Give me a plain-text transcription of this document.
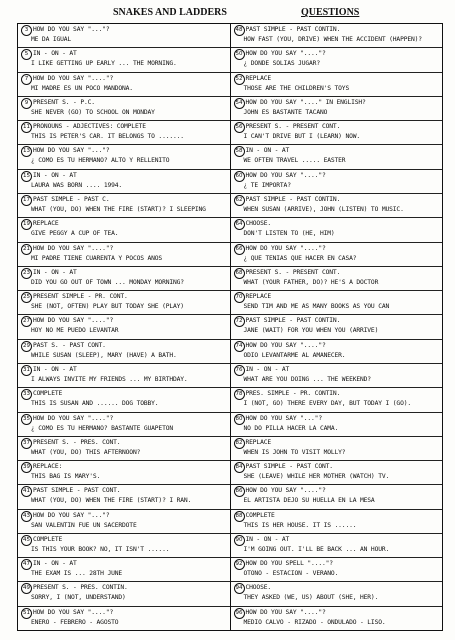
SNAKES AND LADDERS	QUESTIONS
3 HOW DO YOU SAY "..."?
ME DA IGUAL
5 IN - ON - AT
I LIKE GETTING UP EARLY ... THE MORNING.
7 HOW DO YOU SAY "...."?
MI MADRE ES UN POCO MANDONA.
9 PRESENT S. - P.C.
SHE NEVER (GO) TO SCHOOL ON MONDAY
11 PRONOUNS - ADJECTIVES: COMPLETE
THIS IS PETER'S CAR. IT BELONGS TO .......
13 HOW DO YOU SAY "..."?
¿ CÓMO ES TU HERMANO? ALTO Y RELLENITO
15 IN - ON - AT
LAURA WAS BORN .... 1994.
17 PAST SIMPLE - PAST C.
WHAT (YOU, DO) WHEN THE FIRE (START)? I SLEEPING
19 REPLACE
GIVE PEGGY A CUP OF TEA.
21 HOW DO YOU SAY "...."?
MI PADRE TIENE CUARENTA Y POCOS AÑOS
23 IN - ON - AT
DID YOU GO OUT OF TOWN ... MONDAY MORNING?
25 PRESENT SIMPLE - PR. CONT.
SHE (NOT, OFTEN) PLAY BUT TODAY SHE (PLAY)
27 HOW DO YOU SAY "...."?
HOY NO ME PUEDO LEVANTAR
29 PAST S. - PAST CONT.
WHILE SUSAN (SLEEP), MARY (HAVE) A BATH.
31 IN - ON - AT
I ALWAYS INVITE MY FRIENDS ... MY BIRTHDAY.
33 COMPLETE
THIS IS SUSAN AND ...... DOG TOBBY.
35 HOW DO YOU SAY "...."?
¿ CÓMO ES TU HERMANO? BASTANTE GUAPETÓN
37 PRESENT S. - PRES. CONT.
WHAT (YOU, DO) THIS AFTERNOON?
39 REPLACE:
THIS BAG IS MARY'S.
41 PAST SIMPLE - PAST CONT.
WHAT (YOU, DO) WHEN THE FIRE (START)? I RAN.
43 HOW DO YOU SAY "..."?
SAN VALENTÍN FUE UN SACERDOTE
45 COMPLETE
IS THIS YOUR BOOK? NO, IT ISN'T ......
47 IN - ON - AT
THE EXAM IS ... 28TH JUNE
49 PRESENT S. - PRES. CONTIN.
SORRY, I (NOT, UNDERSTAND)
51 HOW DO YOU SAY "...."?
ENERO - FEBRERO - AGOSTO
48 PAST SIMPLE - PAST CONTIN.
HOW FAST (YOU, DRIVE) WHEN THE ACCIDENT (HAPPEN)?
50 HOW DO YOU SAY "...."?
¿ DÓNDE SOLÍAS JUGAR?
52 REPLACE
THOSE ARE THE CHILDREN'S TOYS
54 HOW DO YOU SAY "...." IN ENGLISH?
JOHN ES BASTANTE TACAÑO
56 PRESENT S. - PRESENT CONT.
I CAN'T DRIVE BUT I (LEARN) NOW.
58 IN - ON - AT
WE OFTEN TRAVEL ..... EASTER
60 HOW DO YOU SAY "...."?
¿ TE IMPORTA?
62 PAST SIMPLE - PAST CONTIN.
WHEN SUSAN (ARRIVE), JOHN (LISTEN) TO MUSIC.
64 CHOOSE.
DON'T LISTEN TO (HE, HIM)
66 HOW DO YOU SAY "...."?
¿ QUÉ TENÍAS QUE HACER EN CASA?
68 PRESENT S. - PRESENT CONT.
WHAT (YOUR FATHER, DO)? HE'S A DOCTOR
70 REPLACE
SEND TIM AND ME AS MANY BOOKS AS YOU CAN
72 PAST SIMPLE - PAST CONTIN.
JANE (WAIT) FOR YOU WHEN YOU (ARRIVE)
74 HOW DO YOU SAY "...."?
ODIO LEVANTARME AL AMANECER.
76 IN - ON - AT
WHAT ARE YOU DOING ... THE WEEKEND?
78 PRES. SIMPLE - PR. CONTIN.
I (NOT, GO) THERE EVERY DAY, BUT TODAY I (GO).
80 HOW DO YOU SAY "..."?
NO DO PILLA HACER LA CAMA.
82 REPLACE
WHEN IS JOHN TO VISIT MOLLY?
84 PAST SIMPLE - PAST CONT.
SHE (LEAVE) WHILE HER MOTHER (WATCH) TV.
86 HOW DO YOU SAY "...."?
EL ARTISTA DEJÓ SU HUELLA EN LA MESA
88 COMPLETE
THIS IS HER HOUSE. IT IS ......
90 IN - ON - AT
I'M GOING OUT. I'LL BE BACK ... AN HOUR.
92 HOW DO YOU SPELL "...."?
OTOÑO - ESTACIÓN - VERANO.
94 CHOOSE.
THEY ASKED (WE, US) ABOUT (SHE, HER).
96 HOW DO YOU SAY "...."?
MEDIO CALVO - RIZADO - ONDULADO - LISO.
